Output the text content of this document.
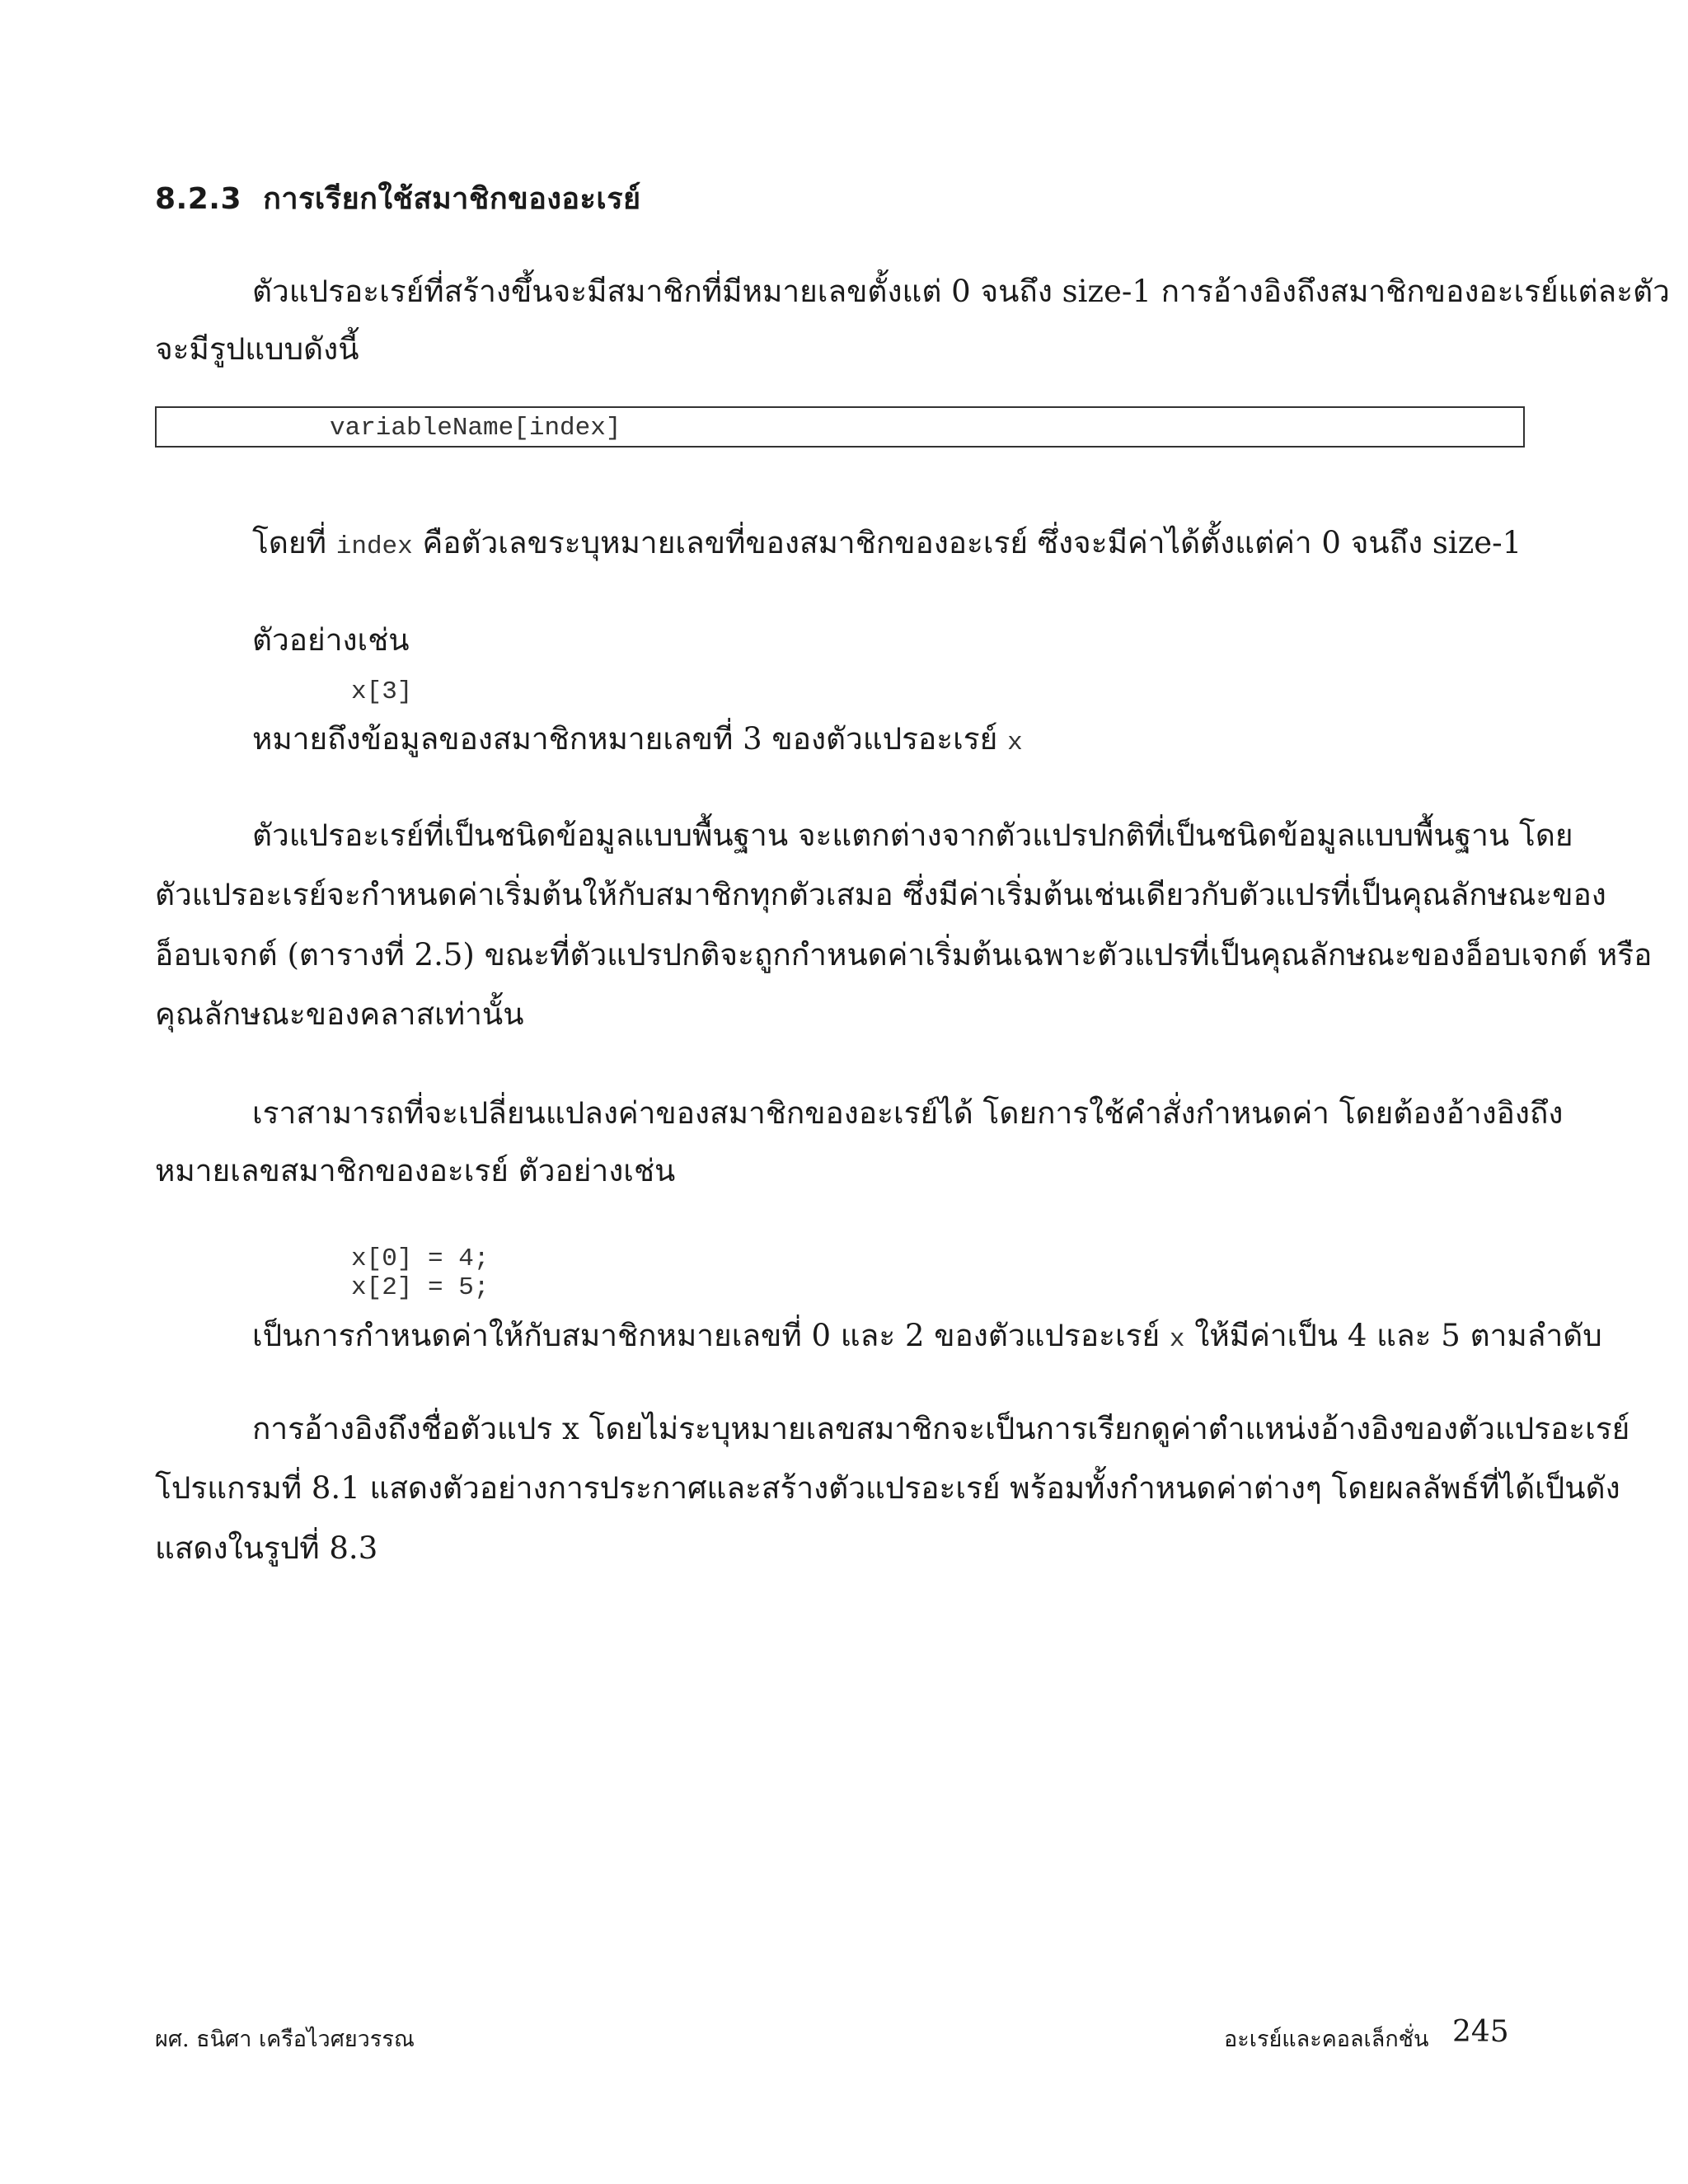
8.2.3 การเรียกใช้สมาชิกของอะเรย์
ตัวแปรอะเรย์ที่สร้างขึ้นจะมีสมาชิกที่มีหมายเลขตั้งแต่ 0 จนถึง size-1 การอ้างอิงถึงสมาชิกของอะเรย์แต่ละตัว
จะมีรูปแบบดังนี้
variableName[index]
โดยที่ index คือตัวเลขระบุหมายเลขที่ของสมาชิกของอะเรย์ ซึ่งจะมีค่าได้ตั้งแต่ค่า 0 จนถึง size-1
ตัวอย่างเช่น
x[3]
หมายถึงข้อมูลของสมาชิกหมายเลขที่ 3 ของตัวแปรอะเรย์ x
ตัวแปรอะเรย์ที่เป็นชนิดข้อมูลแบบพื้นฐาน จะแตกต่างจากตัวแปรปกติที่เป็นชนิดข้อมูลแบบพื้นฐาน โดย
ตัวแปรอะเรย์จะกำหนดค่าเริ่มต้นให้กับสมาชิกทุกตัวเสมอ ซึ่งมีค่าเริ่มต้นเช่นเดียวกับตัวแปรที่เป็นคุณลักษณะของ
อ็อบเจกต์ (ตารางที่ 2.5) ขณะที่ตัวแปรปกติจะถูกกำหนดค่าเริ่มต้นเฉพาะตัวแปรที่เป็นคุณลักษณะของอ็อบเจกต์ หรือ
คุณลักษณะของคลาสเท่านั้น
เราสามารถที่จะเปลี่ยนแปลงค่าของสมาชิกของอะเรย์ได้ โดยการใช้คำสั่งกำหนดค่า โดยต้องอ้างอิงถึง
หมายเลขสมาชิกของอะเรย์ ตัวอย่างเช่น
x[0] = 4;
x[2] = 5;
เป็นการกำหนดค่าให้กับสมาชิกหมายเลขที่ 0 และ 2 ของตัวแปรอะเรย์ x ให้มีค่าเป็น 4 และ 5 ตามลำดับ
การอ้างอิงถึงชื่อตัวแปร x โดยไม่ระบุหมายเลขสมาชิกจะเป็นการเรียกดูค่าตำแหน่งอ้างอิงของตัวแปรอะเรย์
โปรแกรมที่ 8.1 แสดงตัวอย่างการประกาศและสร้างตัวแปรอะเรย์ พร้อมทั้งกำหนดค่าต่างๆ โดยผลลัพธ์ที่ได้เป็นดัง
แสดงในรูปที่ 8.3
ผศ. ธนิศา เครือไวศยวรรณ	อะเรย์และคอลเล็กชั่น 245
